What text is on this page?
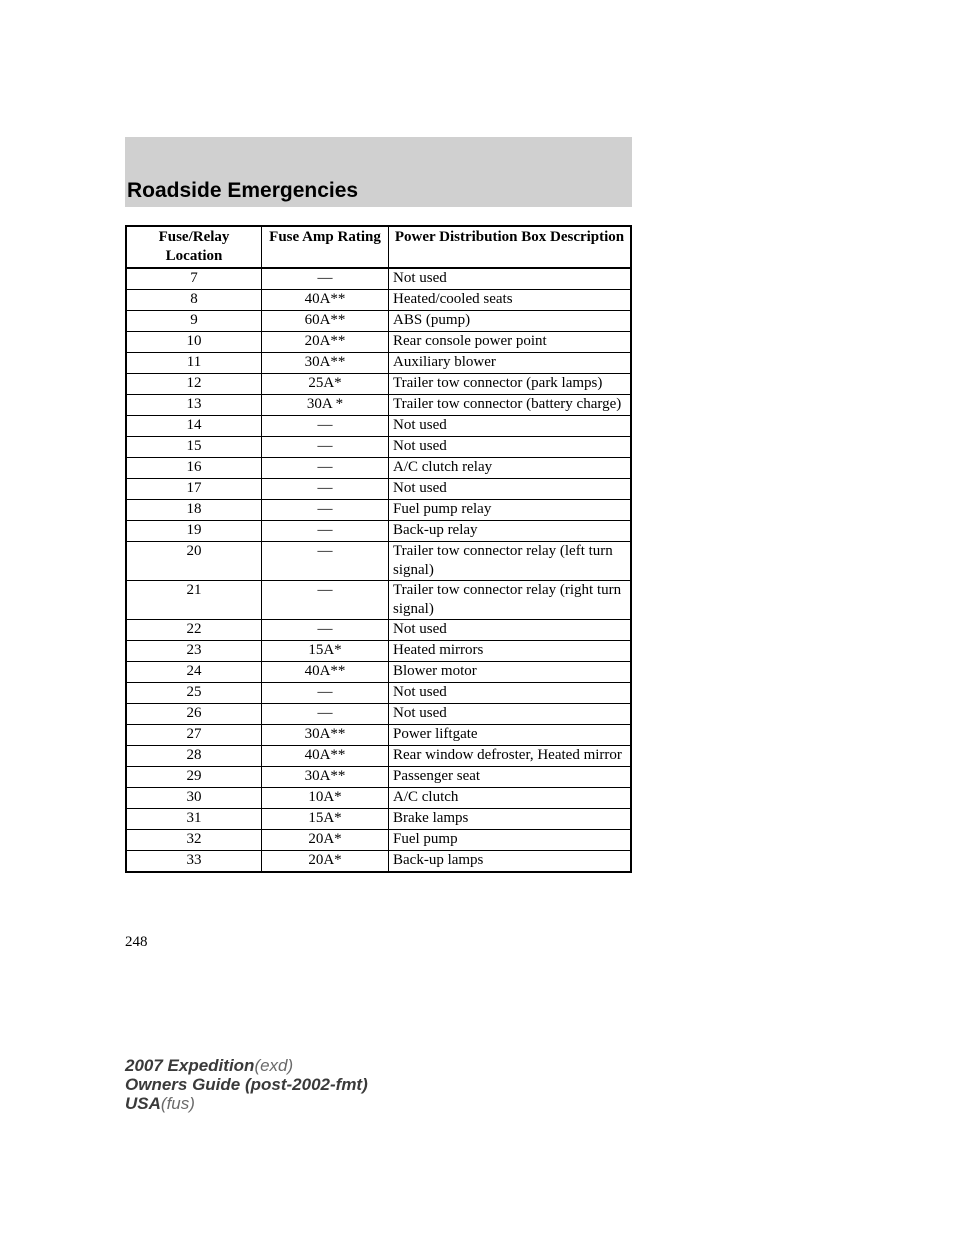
Roadside Emergencies
Fuse/Relay Location	Fuse Amp Rating	Power Distribution Box Description
7	—	Not used
8	40A**	Heated/cooled seats
9	60A**	ABS (pump)
10	20A**	Rear console power point
11	30A**	Auxiliary blower
12	25A*	Trailer tow connector (park lamps)
13	30A *	Trailer tow connector (battery charge)
14	—	Not used
15	—	Not used
16	—	A/C clutch relay
17	—	Not used
18	—	Fuel pump relay
19	—	Back-up relay
20	—	Trailer tow connector relay (left turn signal)
21	—	Trailer tow connector relay (right turn signal)
22	—	Not used
23	15A*	Heated mirrors
24	40A**	Blower motor
25	—	Not used
26	—	Not used
27	30A**	Power liftgate
28	40A**	Rear window defroster, Heated mirror
29	30A**	Passenger seat
30	10A*	A/C clutch
31	15A*	Brake lamps
32	20A*	Fuel pump
33	20A*	Back-up lamps
248
2007 Expedition(exd)
Owners Guide (post-2002-fmt)
USA(fus)
